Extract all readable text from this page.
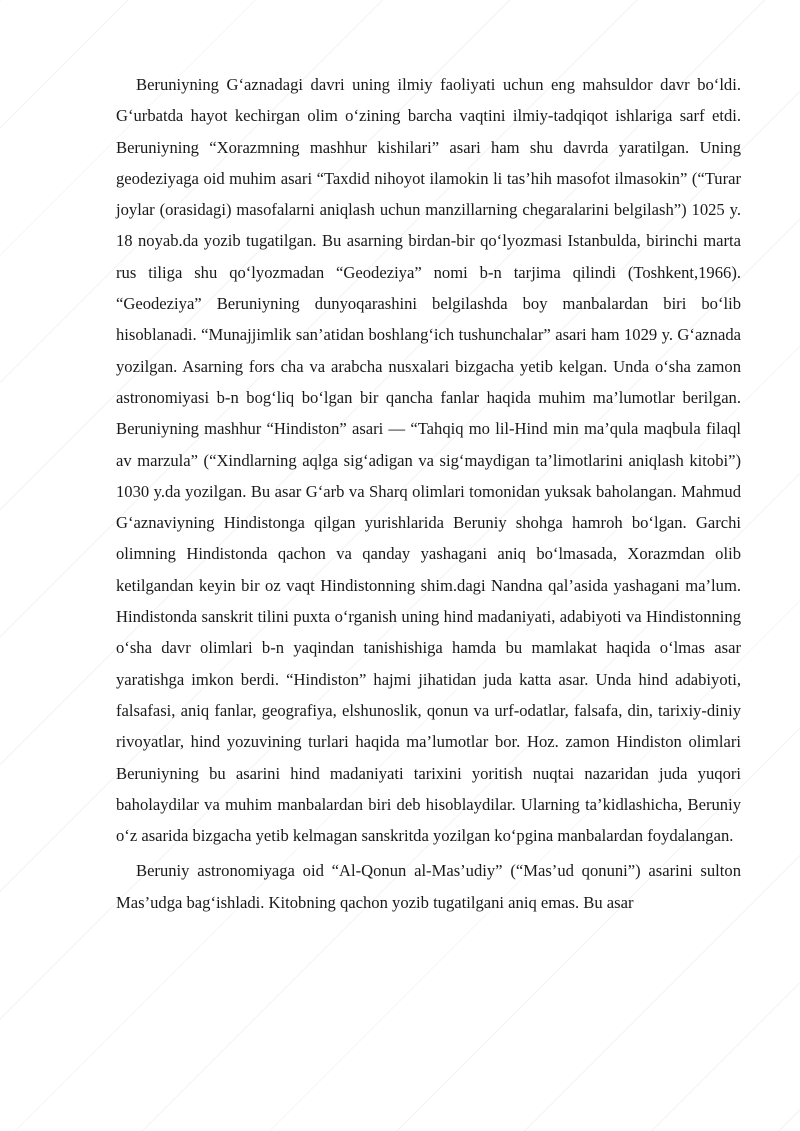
Beruniyning G‘aznadagi davri uning ilmiy faoliyati uchun eng mahsuldor davr bo‘ldi. G‘urbatda hayot kechirgan olim o‘zining barcha vaqtini ilmiy-tadqiqot ishlariga sarf etdi. Beruniyning “Xorazmning mashhur kishilari” asari ham shu davrda yaratilgan. Uning geodeziyaga oid muhim asari “Taxdid nihoyot ilamokin li tas’hih masofot ilmasokin” (“Turar joylar (orasidagi) masofalarni aniqlash uchun manzillarning chegaralarini belgilash”) 1025 y. 18 noyab.da yozib tugatilgan. Bu asarning birdan-bir qo‘lyozmasi Istanbulda, birinchi marta rus tiliga shu qo‘lyozmadan “Geodeziya” nomi b-n tarjima qilindi (Toshkent,1966). “Geodeziya” Beruniyning dunyoqarashini belgilashda boy manbalardan biri bo‘lib hisoblanadi. “Munajjimlik san’atidan boshlang‘ich tushunchalar” asari ham 1029 y. G‘aznada yozilgan. Asarning fors cha va arabcha nusxalari bizgacha yetib kelgan. Unda o‘sha zamon astronomiyasi b-n bog‘liq bo‘lgan bir qancha fanlar haqida muhim ma’lumotlar berilgan. Beruniyning mashhur “Hindiston” asari — “Tahqiq mo lil-Hind min ma’qula maqbula filaql av marzula” (“Xindlarning aqlga sig‘adigan va sig‘maydigan ta’limotlarini aniqlash kitobi”) 1030 y.da yozilgan. Bu asar G‘arb va Sharq olimlari tomonidan yuksak baholangan. Mahmud G‘aznaviyning Hindistonga qilgan yurishlarida Beruniy shohga hamroh bo‘lgan. Garchi olimning Hindistonda qachon va qanday yashagani aniq bo‘lmasada, Xorazmdan olib ketilgandan keyin bir oz vaqt Hindistonning shim.dagi Nandna qal’asida yashagani ma’lum. Hindistonda sanskrit tilini puxta o‘rganish uning hind madaniyati, adabiyoti va Hindistonning o‘sha davr olimlari b-n yaqindan tanishishiga hamda bu mamlakat haqida o‘lmas asar yaratishga imkon berdi. “Hindiston” hajmi jihatidan juda katta asar. Unda hind adabiyoti, falsafasi, aniq fanlar, geografiya, elshunoslik, qonun va urf-odatlar, falsafa, din, tarixiy-diniy rivoyatlar, hind yozuvining turlari haqida ma’lumotlar bor. Hoz. zamon Hindiston olimlari Beruniyning bu asarini hind madaniyati tarixini yoritish nuqtai nazaridan juda yuqori baholaydilar va muhim manbalardan biri deb hisoblaydilar. Ularning ta’kidlashicha, Beruniy o‘z asarida bizgacha yetib kelmagan sanskritda yozilgan ko‘pgina manbalardan foydalangan.

Beruniy astronomiyaga oid “Al-Qonun al-Mas’udiy” (“Mas’ud qonuni”) asarini sulton Mas’udga bag‘ishladi. Kitobning qachon yozib tugatilgani aniq emas. Bu asar
